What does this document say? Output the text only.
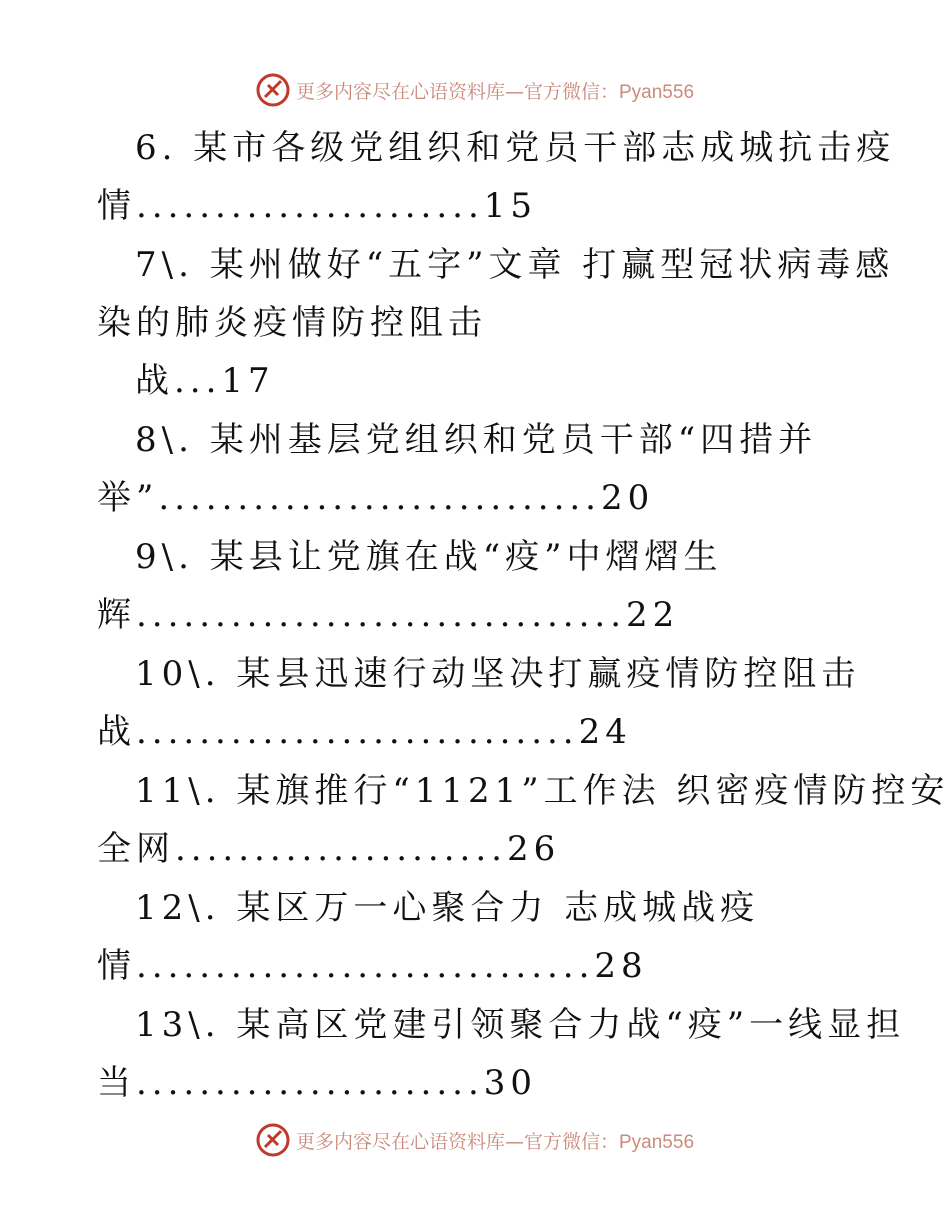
更多内容尽在心语资料库—官方微信：Pyan556
6. 某市各级党组织和党员干部志成城抗击疫
情......................15
7\. 某州做好“五字”文章 打赢型冠状病毒感
染的肺炎疫情防控阻击
战...17
8\. 某州基层党组织和党员干部“四措并
举”............................20
9\. 某县让党旗在战“疫”中熠熠生
辉...............................22
10\. 某县迅速行动坚决打赢疫情防控阻击
战............................24
11\. 某旗推行“1121”工作法 织密疫情防控安
全网.....................26
12\. 某区万一心聚合力 志成城战疫
情.............................28
13\. 某高区党建引领聚合力战“疫”一线显担
当......................30
更多内容尽在心语资料库—官方微信：Pyan556
